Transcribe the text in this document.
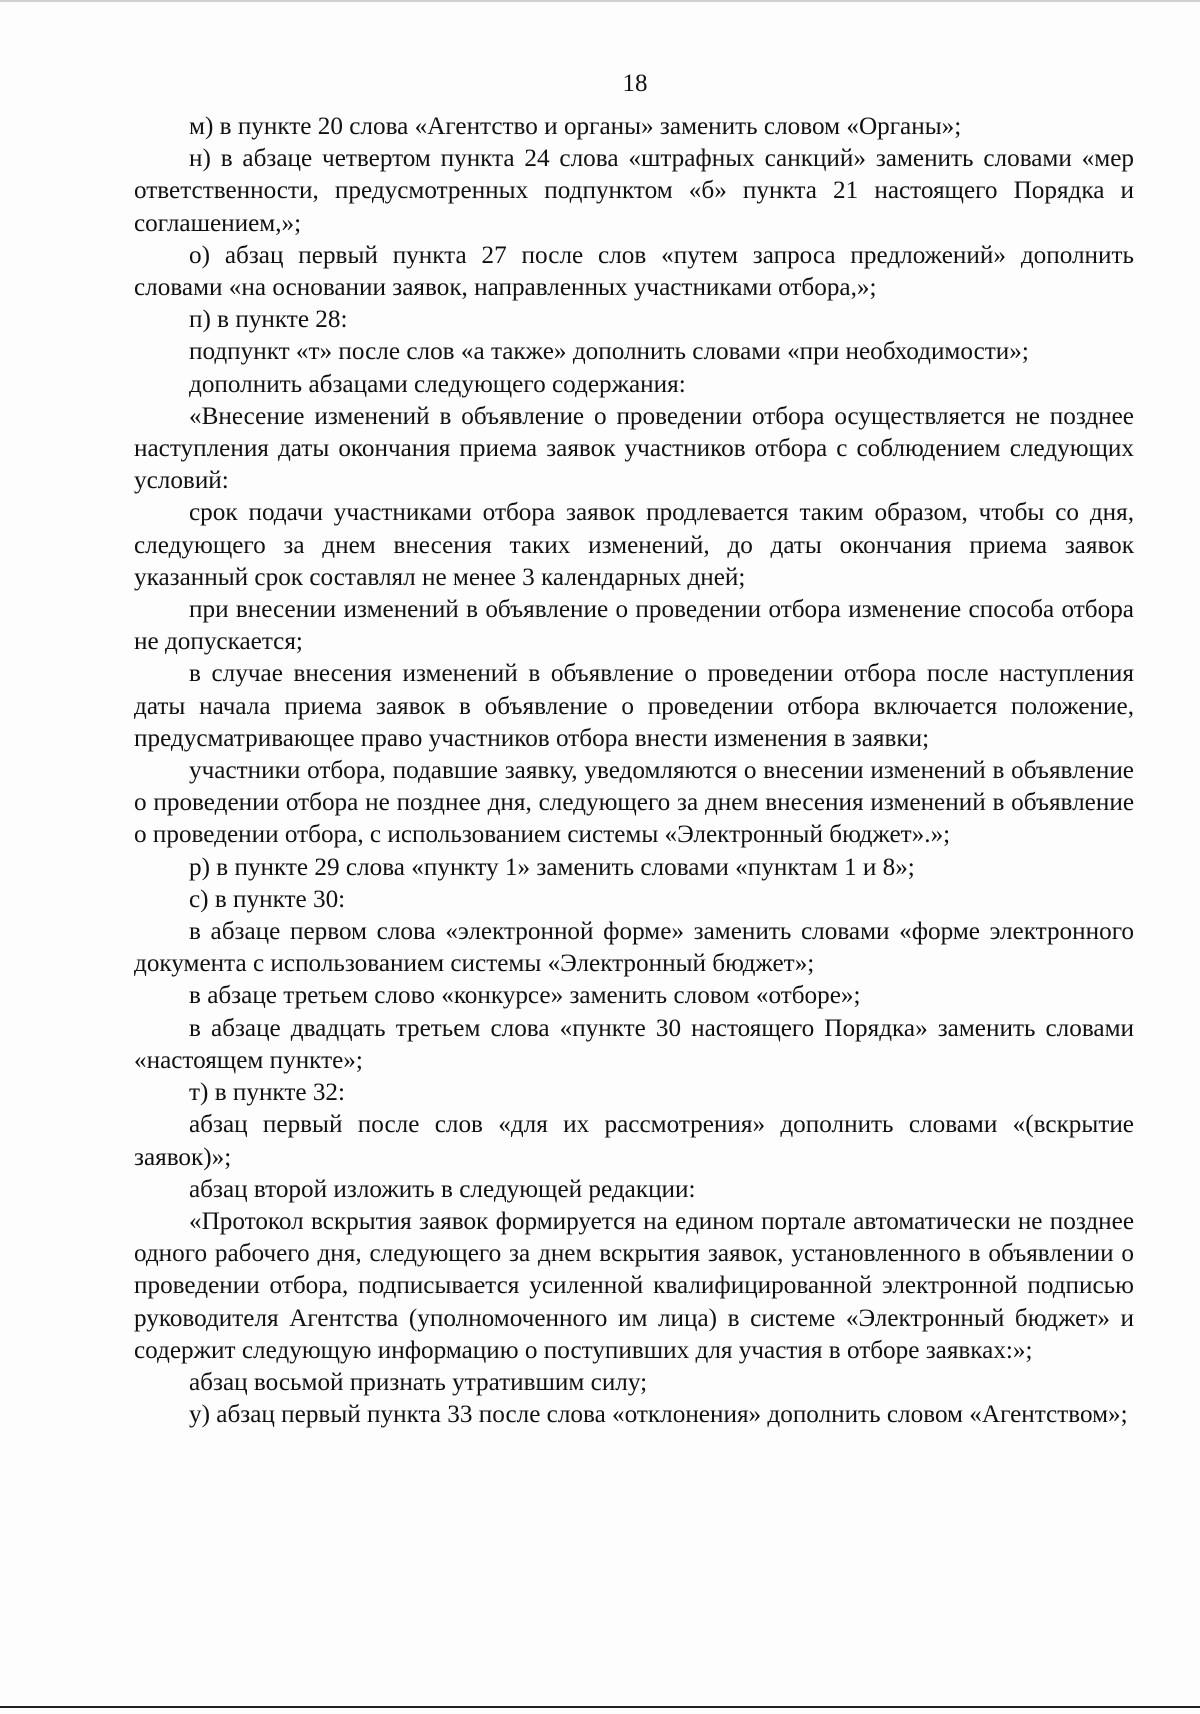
18

м) в пункте 20 слова «Агентство и органы» заменить словом «Органы»;

н) в абзаце четвертом пункта 24 слова «штрафных санкций» заменить словами «мер ответственности, предусмотренных подпунктом «б» пункта 21 настоящего Порядка и соглашением,»;

о) абзац первый пункта 27 после слов «путем запроса предложений» дополнить словами «на основании заявок, направленных участниками отбора,»;

п) в пункте 28:

подпункт «т» после слов «а также» дополнить словами «при необходимости»;

дополнить абзацами следующего содержания:

«Внесение изменений в объявление о проведении отбора осуществляется не позднее наступления даты окончания приема заявок участников отбора с соблюдением следующих условий:

срок подачи участниками отбора заявок продлевается таким образом, чтобы со дня, следующего за днем внесения таких изменений, до даты окончания приема заявок указанный срок составлял не менее 3 календарных дней;

при внесении изменений в объявление о проведении отбора изменение способа отбора не допускается;

в случае внесения изменений в объявление о проведении отбора после наступления даты начала приема заявок в объявление о проведении отбора включается положение, предусматривающее право участников отбора внести изменения в заявки;

участники отбора, подавшие заявку, уведомляются о внесении изменений в объявление о проведении отбора не позднее дня, следующего за днем внесения изменений в объявление о проведении отбора, с использованием системы «Электронный бюджет».»;

р) в пункте 29 слова «пункту 1» заменить словами «пунктам 1 и 8»;

с) в пункте 30:

в абзаце первом слова «электронной форме» заменить словами «форме электронного документа с использованием системы «Электронный бюджет»;

в абзаце третьем слово «конкурсе» заменить словом «отборе»;

в абзаце двадцать третьем слова «пункте 30 настоящего Порядка» заменить словами «настоящем пункте»;

т) в пункте 32:

абзац первый после слов «для их рассмотрения» дополнить словами «(вскрытие заявок)»;

абзац второй изложить в следующей редакции:

«Протокол вскрытия заявок формируется на едином портале автоматически не позднее одного рабочего дня, следующего за днем вскрытия заявок, установленного в объявлении о проведении отбора, подписывается усиленной квалифицированной электронной подписью руководителя Агентства (уполномоченного им лица) в системе «Электронный бюджет» и содержит следующую информацию о поступивших для участия в отборе заявках:»;

абзац восьмой признать утратившим силу;

у) абзац первый пункта 33 после слова «отклонения» дополнить словом «Агентством»;
